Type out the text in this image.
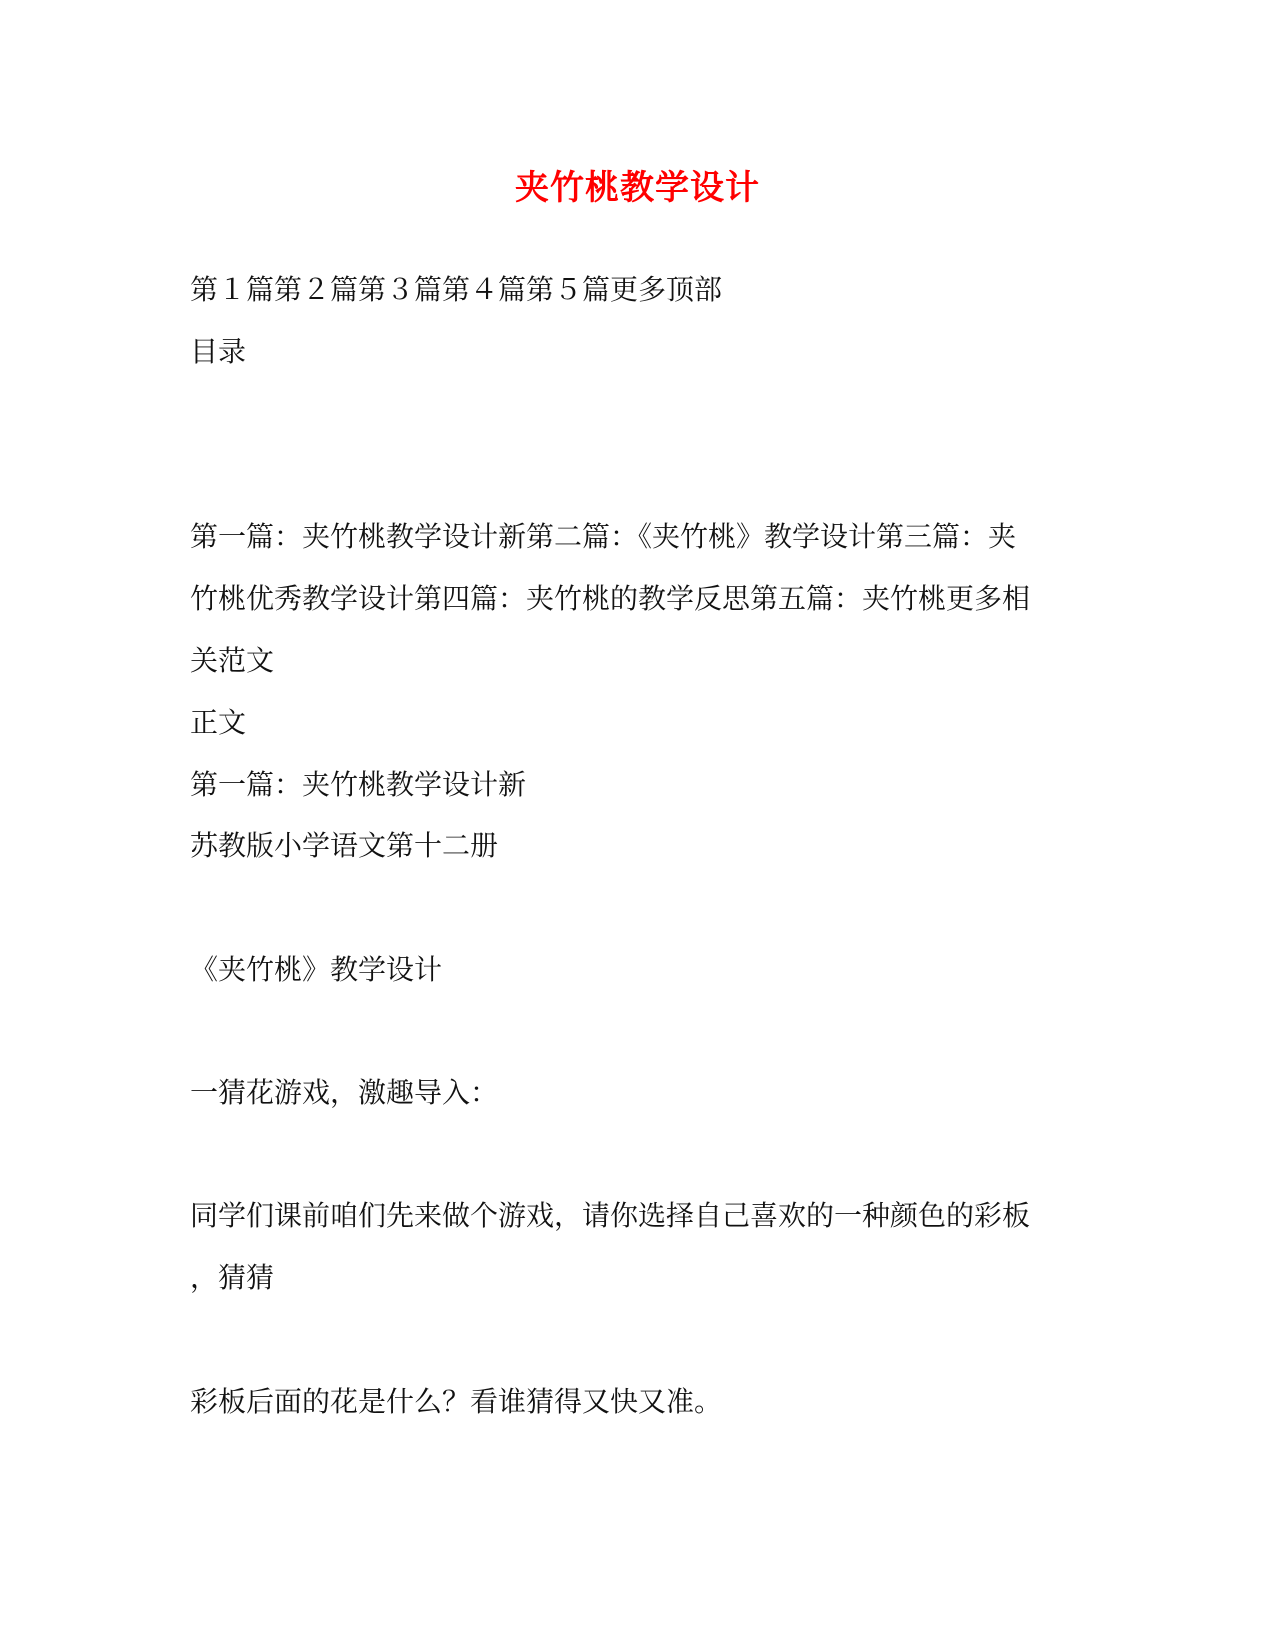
夹竹桃教学设计
第１篇第２篇第３篇第４篇第５篇更多顶部
目录
第一篇：夹竹桃教学设计新第二篇：《夹竹桃》教学设计第三篇：夹
竹桃优秀教学设计第四篇：夹竹桃的教学反思第五篇：夹竹桃更多相
关范文
正文
第一篇：夹竹桃教学设计新
苏教版小学语文第十二册
《夹竹桃》教学设计
一猜花游戏，激趣导入：
同学们课前咱们先来做个游戏，请你选择自己喜欢的一种颜色的彩板
，猜猜
彩板后面的花是什么？看谁猜得又快又准。
